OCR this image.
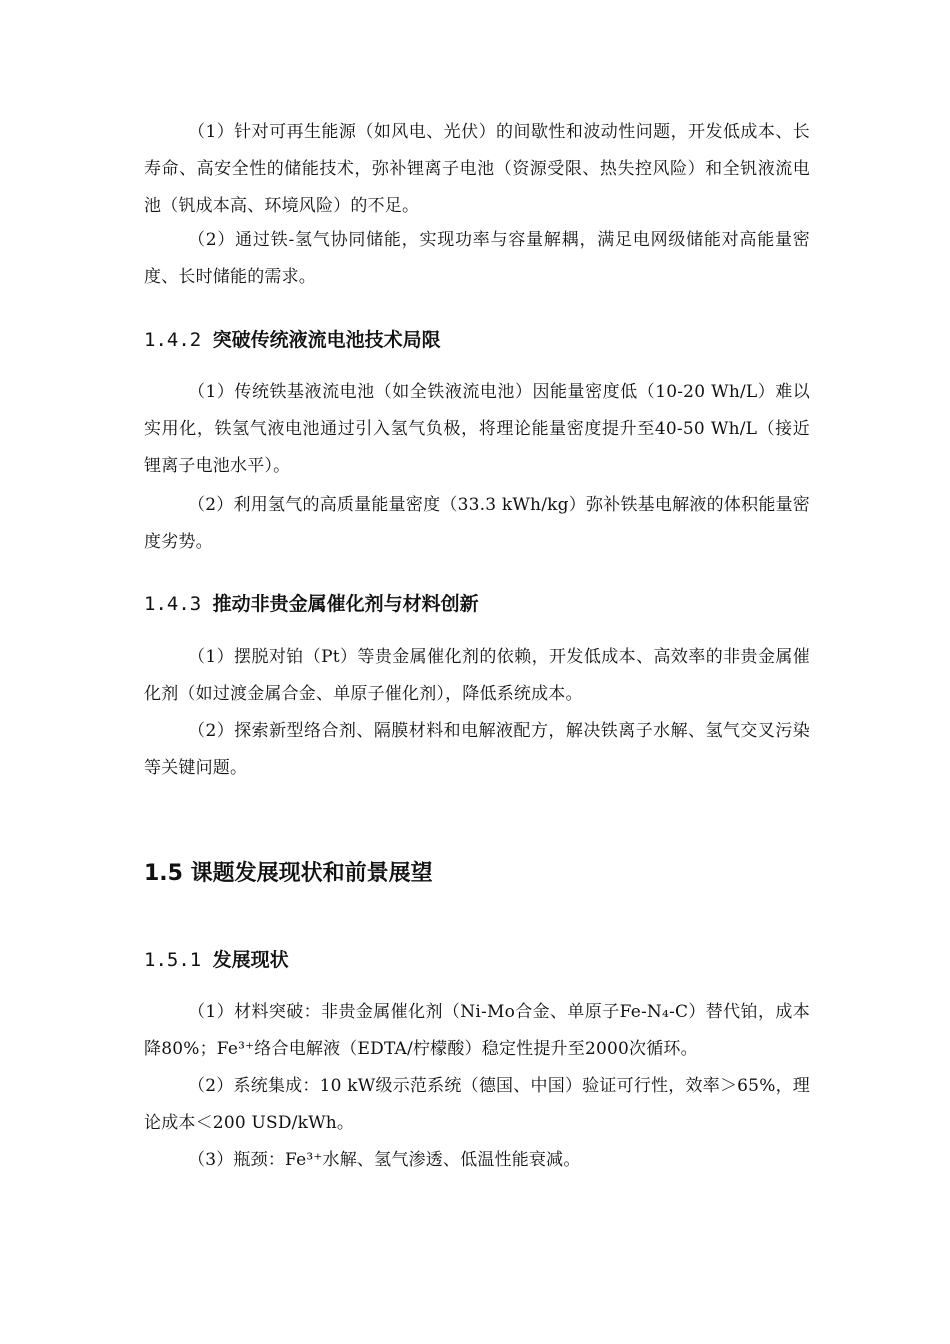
（1）针对可再生能源（如风电、光伏）的间歇性和波动性问题，开发低成本、长寿命、高安全性的储能技术，弥补锂离子电池（资源受限、热失控风险）和全钒液流电池（钒成本高、环境风险）的不足。

（2）通过铁-氢气协同储能，实现功率与容量解耦，满足电网级储能对高能量密度、长时储能的需求。

1.4.2 突破传统液流电池技术局限

（1）传统铁基液流电池（如全铁液流电池）因能量密度低（10-20 Wh/L）难以实用化，铁氢气液电池通过引入氢气负极，将理论能量密度提升至40-50 Wh/L（接近锂离子电池水平）。

（2）利用氢气的高质量能量密度（33.3 kWh/kg）弥补铁基电解液的体积能量密度劣势。

1.4.3 推动非贵金属催化剂与材料创新

（1）摆脱对铂（Pt）等贵金属催化剂的依赖，开发低成本、高效率的非贵金属催化剂（如过渡金属合金、单原子催化剂），降低系统成本。

（2）探索新型络合剂、隔膜材料和电解液配方，解决铁离子水解、氢气交叉污染等关键问题。

1.5 课题发展现状和前景展望
1.5.1 发展现状

（1）材料突破：非贵金属催化剂（Ni-Mo合金、单原子Fe-N₄-C）替代铂，成本降80%；Fe³⁺络合电解液（EDTA/柠檬酸）稳定性提升至2000次循环。

（2）系统集成：10 kW级示范系统（德国、中国）验证可行性，效率＞65%，理论成本＜200 USD/kWh。

（3）瓶颈：Fe³⁺水解、氢气渗透、低温性能衰减。
